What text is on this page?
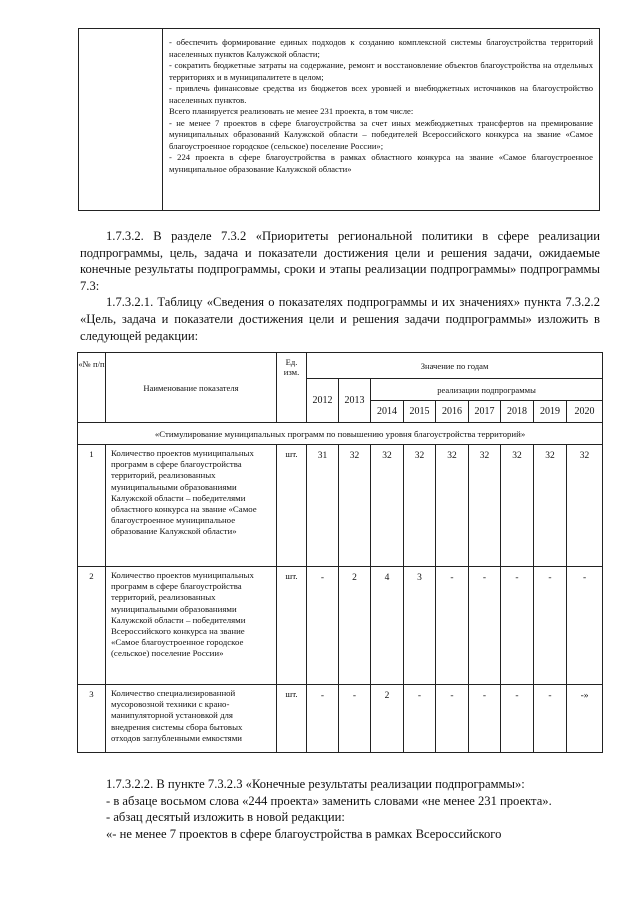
- обеспечить формирование единых подходов к созданию комплексной системы благоустройства территорий населенных пунктов Калужской области;

- сократить бюджетные затраты на содержание, ремонт и восстановление объектов благоустройства на отдельных территориях и в муниципалитете в целом;

- привлечь финансовые средства из бюджетов всех уровней и внебюджетных источников на благоустройство населенных пунктов.

Всего планируется реализовать не менее 231 проекта, в том числе:

- не менее 7 проектов в сфере благоустройства за счет иных межбюджетных трансфертов на премирование муниципальных образований Калужской области – победителей Всероссийского конкурса на звание «Самое благоустроенное городское (сельское) поселение России»;

- 224 проекта в сфере благоустройства в рамках областного конкурса на звание «Самое благоустроенное муниципальное образование Калужской области»

1.7.3.2. В разделе 7.3.2 «Приоритеты региональной политики в сфере реализации подпрограммы, цель, задача и показатели достижения цели и решения задачи, ожидаемые конечные результаты подпрограммы, сроки и этапы реализации подпрограммы» подпрограммы 7.3:

1.7.3.2.1. Таблицу «Сведения о показателях подпрограммы и их значениях» пункта 7.3.2.2 «Цель, задача и показатели достижения цели и решения задачи подпрограммы» изложить в следующей редакции:

«№ п/п	Наименование показателя	Ед. изм.	Значение по годам								
			2012	2013	реализации подпрограммы						
					2014	2015	2016	2017	2018	2019	2020
«Стимулирование муниципальных программ по повышению уровня благоустройства территорий»											
1	Количество проектов муниципальных программ в сфере благоустройства территорий, реализованных муниципальными образованиями Калужской области – победителями областного конкурса на звание «Самое благоустроенное муниципальное образование Калужской области»	шт.	31	32	32	32	32	32	32	32	32
2	Количество проектов муниципальных программ в сфере благоустройства территорий, реализованных муниципальными образованиями Калужской области – победителями Всероссийского конкурса на звание «Самое благоустроенное городское (сельское) поселение России»	шт.	-	2	4	3	-	-	-	-	-
3	Количество специализированной мусоровозной техники с крано-манипуляторной установкой для внедрения системы сбора бытовых отходов заглубленными емкостями	шт.	-	-	2	-	-	-	-	-	-»

1.7.3.2.2. В пункте 7.3.2.3 «Конечные результаты реализации подпрограммы»:

- в абзаце восьмом слова «244 проекта» заменить словами «не менее 231 проекта».

- абзац десятый изложить в новой редакции:

«- не менее 7 проектов в сфере благоустройства в рамках Всероссийского
